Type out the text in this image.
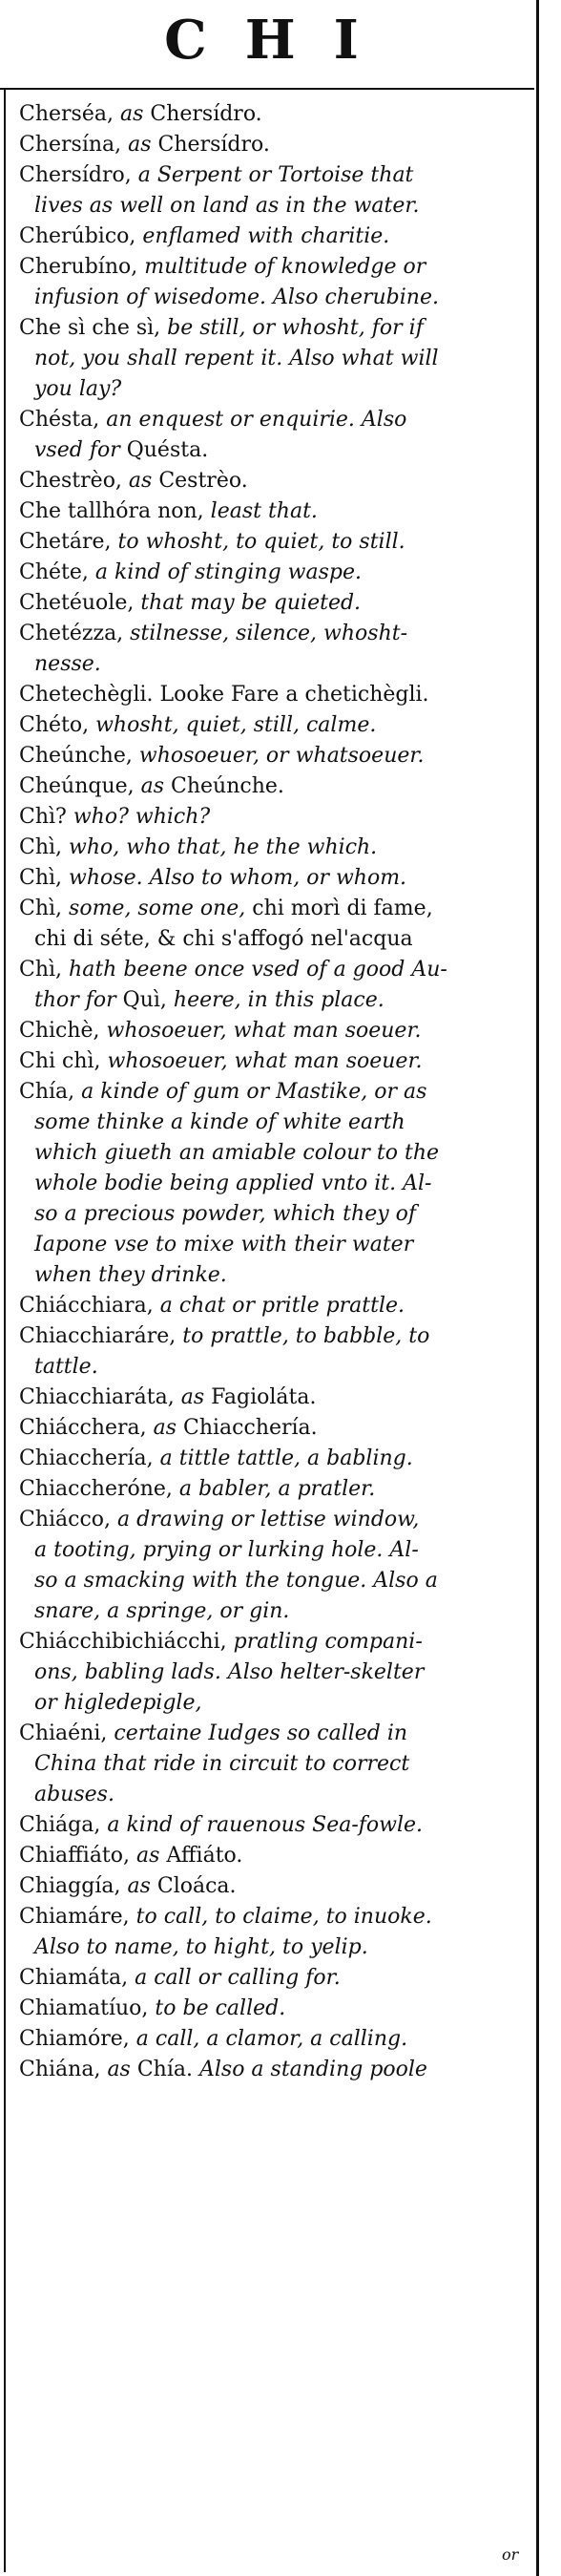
CHI
Cherséa, as Chersídro.
Chersína, as Chersídro.
Chersídro, a Serpent or Tortoise that
lives as well on land as in the water.
Cherúbico, enflamed with charitie.
Cherubíno, multitude of knowledge or
infusion of wisedome. Also cherubine.
Che sì che sì, be still, or whosht, for if
not, you shall repent it. Also what will
you lay?
Chésta, an enquest or enquirie. Also
vsed for Quésta.
Chestrèo, as Cestrèo.
Che tallhóra non, least that.
Chetáre, to whosht, to quiet, to still.
Chéte, a kind of stinging waspe.
Chetéuole, that may be quieted.
Chetézza, stilnesse, silence, whosht-
nesse.
Chetechègli. Looke Fare a chetichègli.
Chéto, whosht, quiet, still, calme.
Cheúnche, whosoeuer, or whatsoeuer.
Cheúnque, as Cheúnche.
Chì? who? which?
Chì, who, who that, he the which.
Chì, whose. Also to whom, or whom.
Chì, some, some one, chi morì di fame,
chi di séte, & chi s'affogó nel'acqua
Chì, hath beene once vsed of a good Au-
thor for Quì, heere, in this place.
Chichè, whosoeuer, what man soeuer.
Chi chì, whosoeuer, what man soeuer.
Chía, a kinde of gum or Mastike, or as
some thinke a kinde of white earth
which giueth an amiable colour to the
whole bodie being applied vnto it. Al-
so a precious powder, which they of
Iapone vse to mixe with their water
when they drinke.
Chiácchiara, a chat or pritle prattle.
Chiacchiaráre, to prattle, to babble, to
tattle.
Chiacchiaráta, as Fagioláta.
Chiácchera, as Chiacchería.
Chiacchería, a tittle tattle, a babling.
Chiaccheróne, a babler, a pratler.
Chiácco, a drawing or lettise window,
a tooting, prying or lurking hole. Al-
so a smacking with the tongue. Also a
snare, a springe, or gin.
Chiácchibichiácchi, pratling compani-
ons, babling lads. Also helter-skelter
or higledepigle,
Chiaéni, certaine Iudges so called in
China that ride in circuit to correct
abuses.
Chiága, a kind of rauenous Sea-fowle.
Chiaffiáto, as Affiáto.
Chiaggía, as Cloáca.
Chiamáre, to call, to claime, to inuoke.
Also to name, to hight, to yelip.
Chiamáta, a call or calling for.
Chiamatíuo, to be called.
Chiamóre, a call, a clamor, a calling.
Chiána, as Chía. Also a standing poole
or
